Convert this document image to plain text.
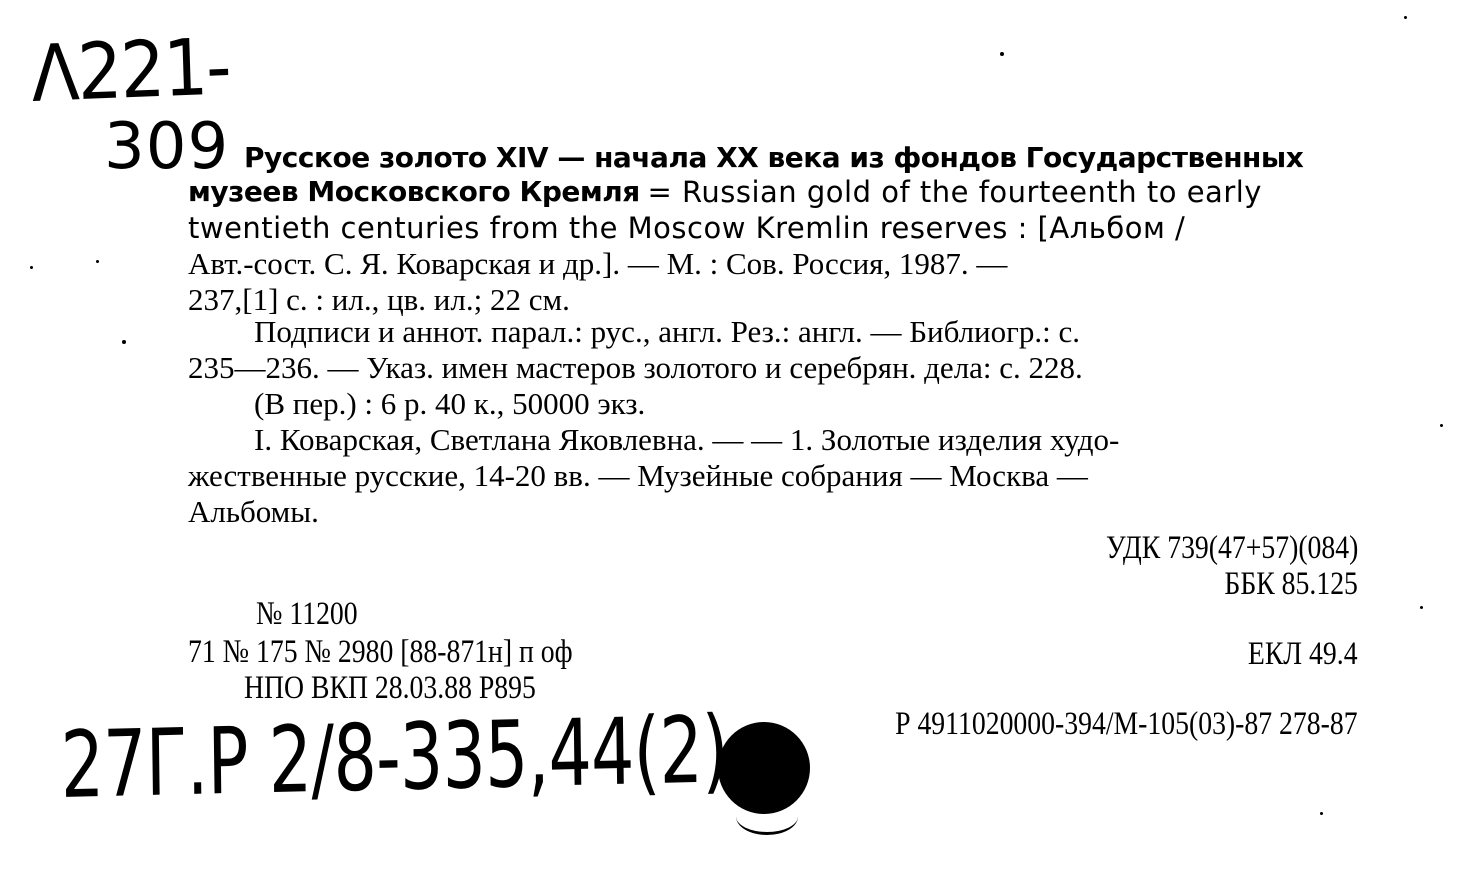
Λ221-
309 Русское золото XIV — начала XX века из фондов Государственных
музеев Московского Кремля
= Russian gold of the fourteenth to early
twentieth centuries from the Moscow Kremlin reserves : [Альбом /
Авт.-сост. С. Я. Коварская и др.]. — М. : Сов. Россия, 1987. —
237,[1] с. : ил., цв. ил.; 22 см.
Подписи и аннот. парал.: рус., англ. Рез.: англ. — Библиогр.: с.
235—236. — Указ. имен мастеров золотого и серебрян. дела: с. 228.
(В пер.) : 6 р. 40 к., 50000 экз.
I. Коварская, Светлана Яковлевна. — — 1. Золотые изделия худо-
жественные русские, 14-20 вв. — Музейные собрания — Москва —
Альбомы.
УДК 739(47+57)(084)
ББК 85.125
ЕКЛ 49.4
№ 11200
71 № 175 № 2980 [88-871н] п оф
НПО ВКП 28.03.88 Р895
Р 4911020000-394/М-105(03)-87 278-87
27Г.P 2/8-335,44(2)
